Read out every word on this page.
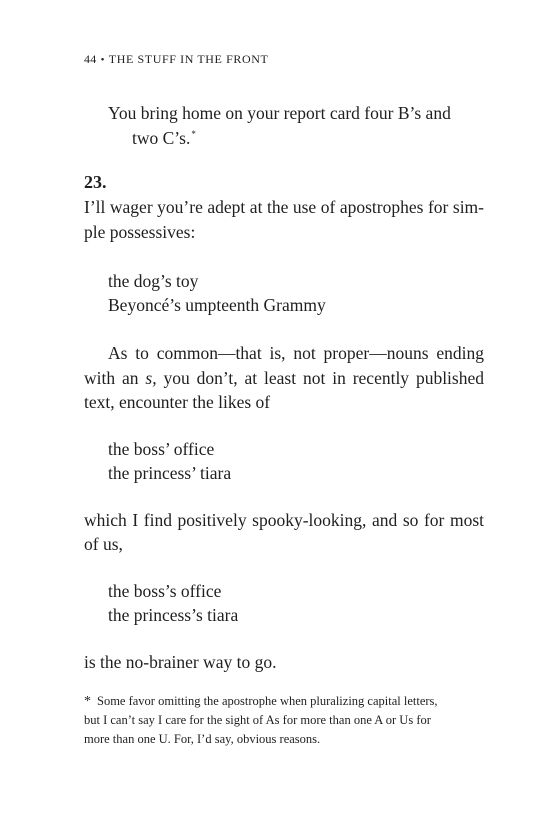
44 • THE STUFF IN THE FRONT
You bring home on your report card four B’s and
two C’s.*
23.
I’ll wager you’re adept at the use of apostrophes for sim-
ple possessives:
the dog’s toy
Beyoncé’s umpteenth Grammy
As to common—that is, not proper—nouns ending
with an s, you don’t, at least not in recently published
text, encounter the likes of
the boss’ office
the princess’ tiara
which I find positively spooky-looking, and so for most
of us,
the boss’s office
the princess’s tiara
is the no-brainer way to go.
* Some favor omitting the apostrophe when pluralizing capital letters,
but I can’t say I care for the sight of As for more than one A or Us for
more than one U. For, I’d say, obvious reasons.
